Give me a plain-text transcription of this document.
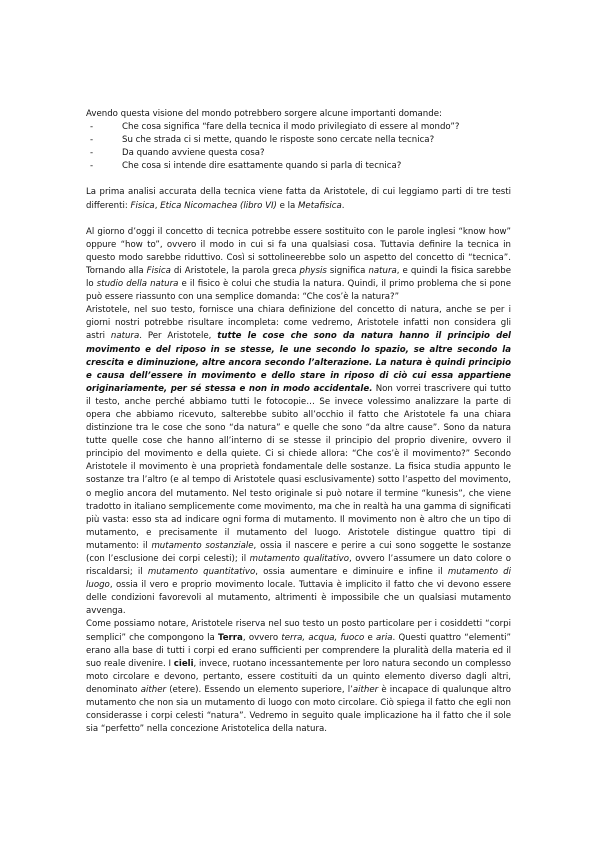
Avendo questa visione del mondo potrebbero sorgere alcune importanti domande:

-	Che cosa significa “fare della tecnica il modo privilegiato di essere al mondo”?
-	Su che strada ci si mette, quando le risposte sono cercate nella tecnica?
-	Da quando avviene questa cosa?
-	Che cosa si intende dire esattamente quando si parla di tecnica?

La prima analisi accurata della tecnica viene fatta da Aristotele, di cui leggiamo parti di tre testi differenti: Fisica, Etica Nicomachea (libro VI) e la Metafisica.

Al giorno d’oggi il concetto di tecnica potrebbe essere sostituito con le parole inglesi “know how” oppure “how to”, ovvero il modo in cui si fa una qualsiasi cosa. Tuttavia definire la tecnica in questo modo sarebbe riduttivo. Così si sottolineerebbe solo un aspetto del concetto di “tecnica”. Tornando alla Fisica di Aristotele, la parola greca physis significa natura, e quindi la fisica sarebbe lo studio della natura e il fisico è colui che studia la natura. Quindi, il primo problema che si pone può essere riassunto con una semplice domanda: “Che cos’è la natura?”

Aristotele, nel suo testo, fornisce una chiara definizione del concetto di natura, anche se per i giorni nostri potrebbe risultare incompleta: come vedremo, Aristotele infatti non considera gli astri natura. Per Aristotele, tutte le cose che sono da natura hanno il principio del movimento e del riposo in se stesse, le une secondo lo spazio, se altre secondo la crescita e diminuzione, altre ancora secondo l’alterazione. La natura è quindi principio e causa dell’essere in movimento e dello stare in riposo di ciò cui essa appartiene originariamente, per sé stessa e non in modo accidentale. Non vorrei trascrivere qui tutto il testo, anche perché abbiamo tutti le fotocopie… Se invece volessimo analizzare la parte di opera che abbiamo ricevuto, salterebbe subito all’occhio il fatto che Aristotele fa una chiara distinzione tra le cose che sono “da natura” e quelle che sono “da altre cause”. Sono da natura tutte quelle cose che hanno all’interno di se stesse il principio del proprio divenire, ovvero il principio del movimento e della quiete. Ci si chiede allora: “Che cos’è il movimento?” Secondo Aristotele il movimento è una proprietà fondamentale delle sostanze. La fisica studia appunto le sostanze tra l’altro (e al tempo di Aristotele quasi esclusivamente) sotto l’aspetto del movimento, o meglio ancora del mutamento. Nel testo originale si può notare il termine “kunesis”, che viene tradotto in italiano semplicemente come movimento, ma che in realtà ha una gamma di significati più vasta: esso sta ad indicare ogni forma di mutamento. Il movimento non è altro che un tipo di mutamento, e precisamente il mutamento del luogo. Aristotele distingue quattro tipi di mutamento: il mutamento sostanziale, ossia il nascere e perire a cui sono soggette le sostanze (con l’esclusione dei corpi celesti); il mutamento qualitativo, ovvero l’assumere un dato colore o riscaldarsi; il mutamento quantitativo, ossia aumentare e diminuire e infine il mutamento di luogo, ossia il vero e proprio movimento locale. Tuttavia è implicito il fatto che vi devono essere delle condizioni favorevoli al mutamento, altrimenti è impossibile che un qualsiasi mutamento avvenga.

Come possiamo notare, Aristotele riserva nel suo testo un posto particolare per i cosiddetti “corpi semplici” che compongono la Terra, ovvero terra, acqua, fuoco e aria. Questi quattro “elementi” erano alla base di tutti i corpi ed erano sufficienti per comprendere la pluralità della materia ed il suo reale divenire. I cieli, invece, ruotano incessantemente per loro natura secondo un complesso moto circolare e devono, pertanto, essere costituiti da un quinto elemento diverso dagli altri, denominato aither (etere). Essendo un elemento superiore, l’aither è incapace di qualunque altro mutamento che non sia un mutamento di luogo con moto circolare. Ciò spiega il fatto che egli non considerasse i corpi celesti “natura”. Vedremo in seguito quale implicazione ha il fatto che il sole sia “perfetto” nella concezione Aristotelica della natura.
